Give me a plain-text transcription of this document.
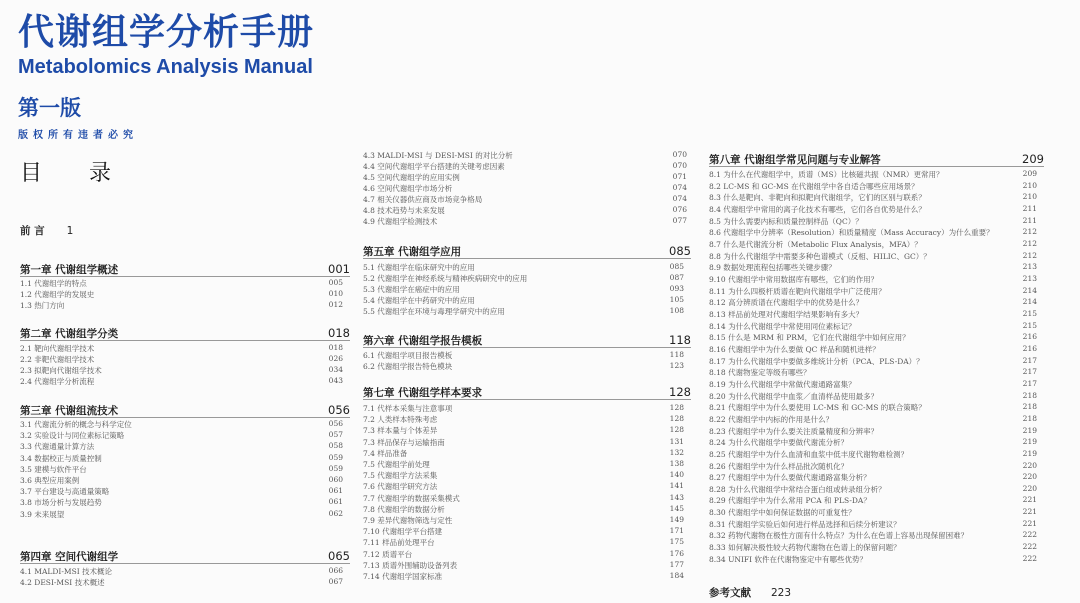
代谢组学分析手册
Metabolomics Analysis Manual
第一版
版权所有违者必究
目 录
前 言 1
第一章 代谢组学概述	001
1.1 代谢组学的特点	005
1.2 代谢组学的发展史	010
1.3 热门方向	012
第二章 代谢组学分类	018
2.1 靶向代谢组学技术	018
2.2 非靶代谢组学技术	026
2.3 拟靶向代谢组学技术	034
2.4 代谢组学分析流程	043
第三章 代谢组流技术	056
3.1 代谢流分析的概念与科学定位	056
3.2 实验设计与同位素标记策略	057
3.3 代谢通量计算方法	058
3.4 数据校正与质量控制	059
3.5 建模与软件平台	059
3.6 典型应用案例	060
3.7 平台建设与高通量策略	061
3.8 市场分析与发展趋势	061
3.9 未来展望	062
第四章 空间代谢组学	065
4.1 MALDI-MSI 技术概论	066
4.2 DESI-MSI 技术概述	067
4.3 MALDI-MSI 与 DESI-MSI 的对比分析	070
4.4 空间代谢组学平台搭建的关键考虑因素	070
4.5 空间代谢组学的应用实例	071
4.6 空间代谢组学市场分析	074
4.7 相关仪器供应商及市场竞争格局	074
4.8 技术趋势与未来发展	076
4.9 代谢组学检测技术	077
第五章 代谢组学应用	085
5.1 代谢组学在临床研究中的应用	085
5.2 代谢组学在神经系统与精神疾病研究中的应用	087
5.3 代谢组学在癌症中的应用	093
5.4 代谢组学在中药研究中的应用	105
5.5 代谢组学在环境与毒理学研究中的应用	108
第六章 代谢组学报告模板	118
6.1 代谢组学项目报告模板	118
6.2 代谢组学报告特色模块	123
第七章 代谢组学样本要求	128
7.1 代样本采集与注意事项	128
7.2 人类样本特殊考虑	128
7.3 样本量与个体差异	128
7.3 样品保存与运输指南	131
7.4 样品准备	132
7.5 代谢组学前处理	138
7.5 代谢组学方法采集	140
7.6 代谢组学研究方法	141
7.7 代谢组学的数据采集模式	143
7.8 代谢组学的数据分析	145
7.9 差异代谢物筛选与定性	149
7.10 代谢组学平台搭建	171
7.11 样品前处理平台	175
7.12 质谱平台	176
7.13 质谱外围辅助设备列表	177
7.14 代谢组学国家标准	184
第八章 代谢组学常见问题与专业解答	209
8.1 为什么在代谢组学中，质谱（MS）比核磁共振（NMR）更常用？	209
8.2 LC-MS 和 GC-MS 在代谢组学中各自适合哪些应用场景？	210
8.3 什么是靶向、非靶向和拟靶向代谢组学，它们的区别与联系？	210
8.4 代谢组学中常用的离子化技术有哪些，它们各自优势是什么？	211
8.5 为什么需要内标和质量控制样品（QC）？	211
8.6 代谢组学中分辨率（Resolution）和质量精度（Mass Accuracy）为什么重要？	212
8.7 什么是代谢流分析（Metabolic Flux Analysis，MFA）？	212
8.8 为什么代谢组学中需要多种色谱模式（反相、HILIC、GC）？	212
8.9 数据处理流程包括哪些关键步骤？	213
9.10 代谢组学中常用数据库有哪些，它们的作用？	213
8.11 为什么四极杆质谱在靶向代谢组学中广泛使用？	214
8.12 高分辨质谱在代谢组学中的优势是什么？	214
8.13 样品前处理对代谢组学结果影响有多大？	215
8.14 为什么代谢组学中常使用同位素标记？	215
8.15 什么是 MRM 和 PRM，它们在代谢组学中如何应用？	216
8.16 代谢组学中为什么要做 QC 样品和随机进样？	216
8.17 为什么代谢组学中要做多维统计分析（PCA、PLS-DA）？	217
8.18 代谢物鉴定等级有哪些？	217
8.19 为什么代谢组学中常做代谢通路富集？	217
8.20 为什么代谢组学中血浆／血清样品使用最多？	218
8.21 代谢组学中为什么要使用 LC-MS 和 GC-MS 的联合策略？	218
8.22 代谢组学中内标的作用是什么？	218
8.23 代谢组学中为什么要关注质量精度和分辨率？	219
8.24 为什么代谢组学中要做代谢流分析？	219
8.25 代谢组学中为什么血清和血浆中低丰度代谢物难检测？	219
8.26 代谢组学中为什么样品批次随机化？	220
8.27 代谢组学中为什么要做代谢通路富集分析？	220
8.28 为什么代谢组学中常结合蛋白组或转录组分析？	220
8.29 代谢组学中为什么常用 PCA 和 PLS-DA？	221
8.30 代谢组学中如何保证数据的可重复性？	221
8.31 代谢组学实验后如何进行样品选择和后续分析建议？	221
8.32 药物代谢物在极性方面有什么特点？为什么在色谱上容易出现保留困难？	222
8.33 如何解决极性较大药物代谢物在色谱上的保留问题？	222
8.34 UNIFI 软件在代谢物鉴定中有哪些优势？	222
参考文献 223
